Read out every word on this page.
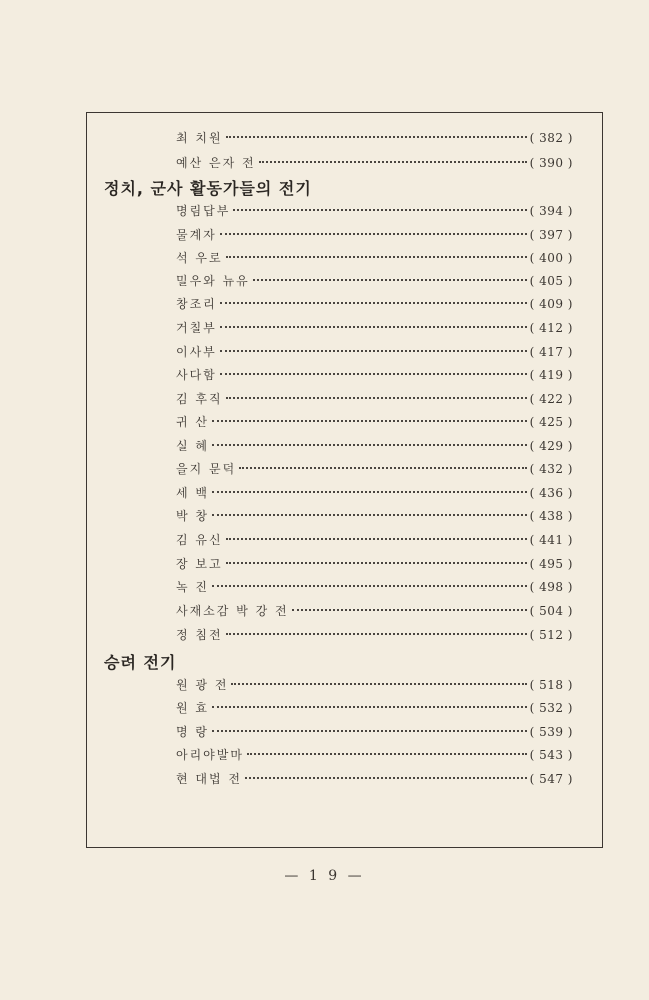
최 치원	( 382 )
예산 은자 전	( 390 )
정치, 군사 활동가들의 전기
명림답부	( 394 )
물계자	( 397 )
석 우로	( 400 )
밀우와 뉴유	( 405 )
창조리	( 409 )
거칠부	( 412 )
이사부	( 417 )
사다함	( 419 )
김 후직	( 422 )
귀 산	( 425 )
실 혜	( 429 )
을지 문덕	( 432 )
세 백	( 436 )
박 창	( 438 )
김 유신	( 441 )
장 보고	( 495 )
녹 진	( 498 )
사재소감 박 강 전	( 504 )
정 침전	( 512 )
승려 전기
원 광 전	( 518 )
원 효	( 532 )
명 랑	( 539 )
아리야발마	( 543 )
현 대법 전	( 547 )
— 1 9 —
